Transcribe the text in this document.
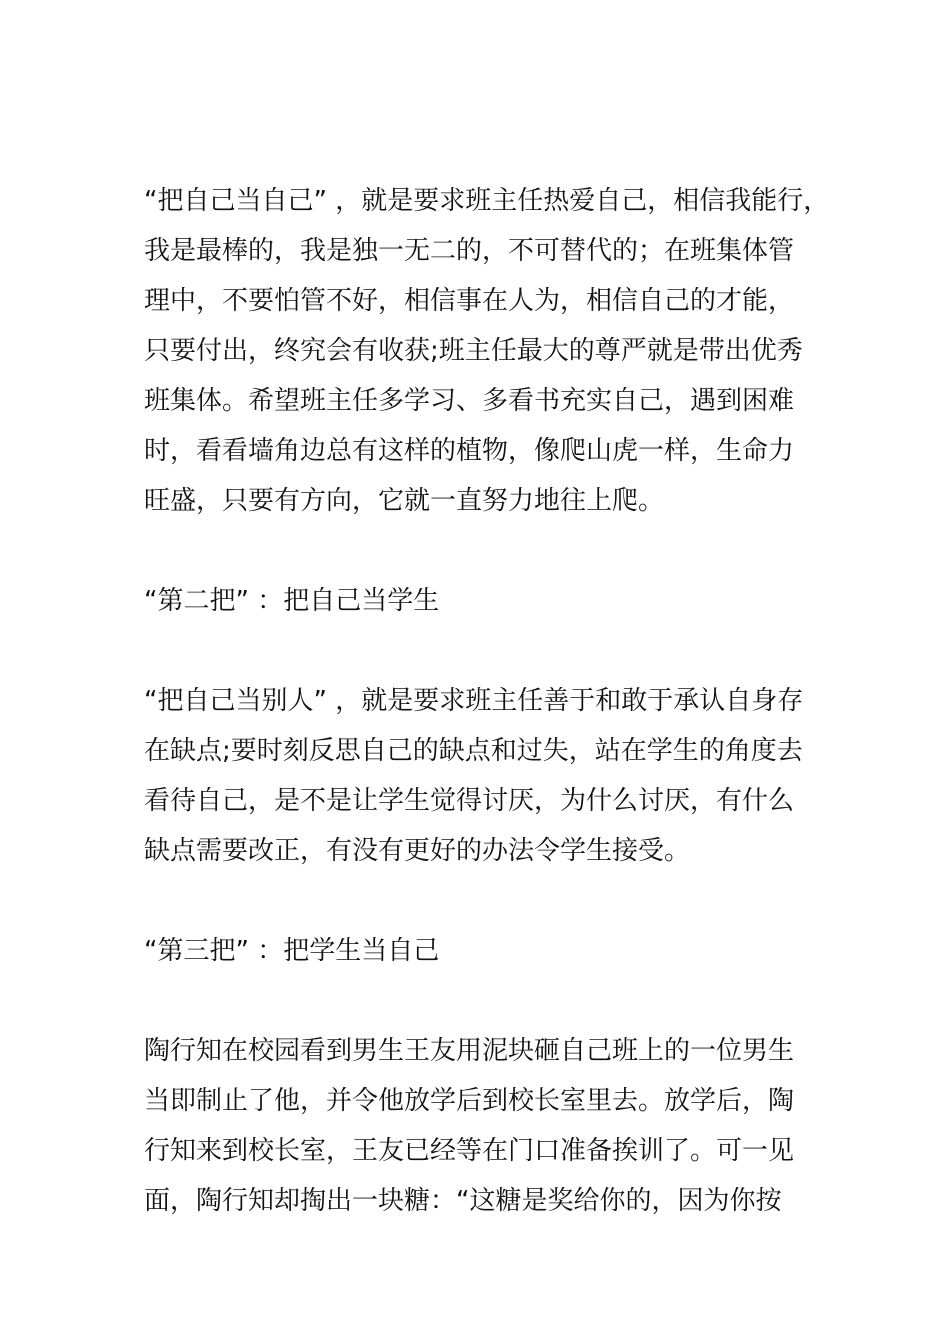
“把自己当自己” ，就是要求班主任热爱自己，相信我能行，
我是最棒的，我是独一无二的，不可替代的；在班集体管
理中，不要怕管不好，相信事在人为，相信自己的才能，
只要付出，终究会有收获;班主任最大的尊严就是带出优秀
班集体。希望班主任多学习、多看书充实自己，遇到困难
时，看看墙角边总有这样的植物，像爬山虎一样，生命力
旺盛，只要有方向，它就一直努力地往上爬。

“第二把” ：把自己当学生

“把自己当别人” ，就是要求班主任善于和敢于承认自身存
在缺点;要时刻反思自己的缺点和过失，站在学生的角度去
看待自己，是不是让学生觉得讨厌，为什么讨厌，有什么
缺点需要改正，有没有更好的办法令学生接受。

“第三把” ：把学生当自己

陶行知在校园看到男生王友用泥块砸自己班上的一位男生
当即制止了他，并令他放学后到校长室里去。放学后，陶
行知来到校长室，王友已经等在门口准备挨训了。可一见
面，陶行知却掏出一块糖：“这糖是奖给你的，因为你按
